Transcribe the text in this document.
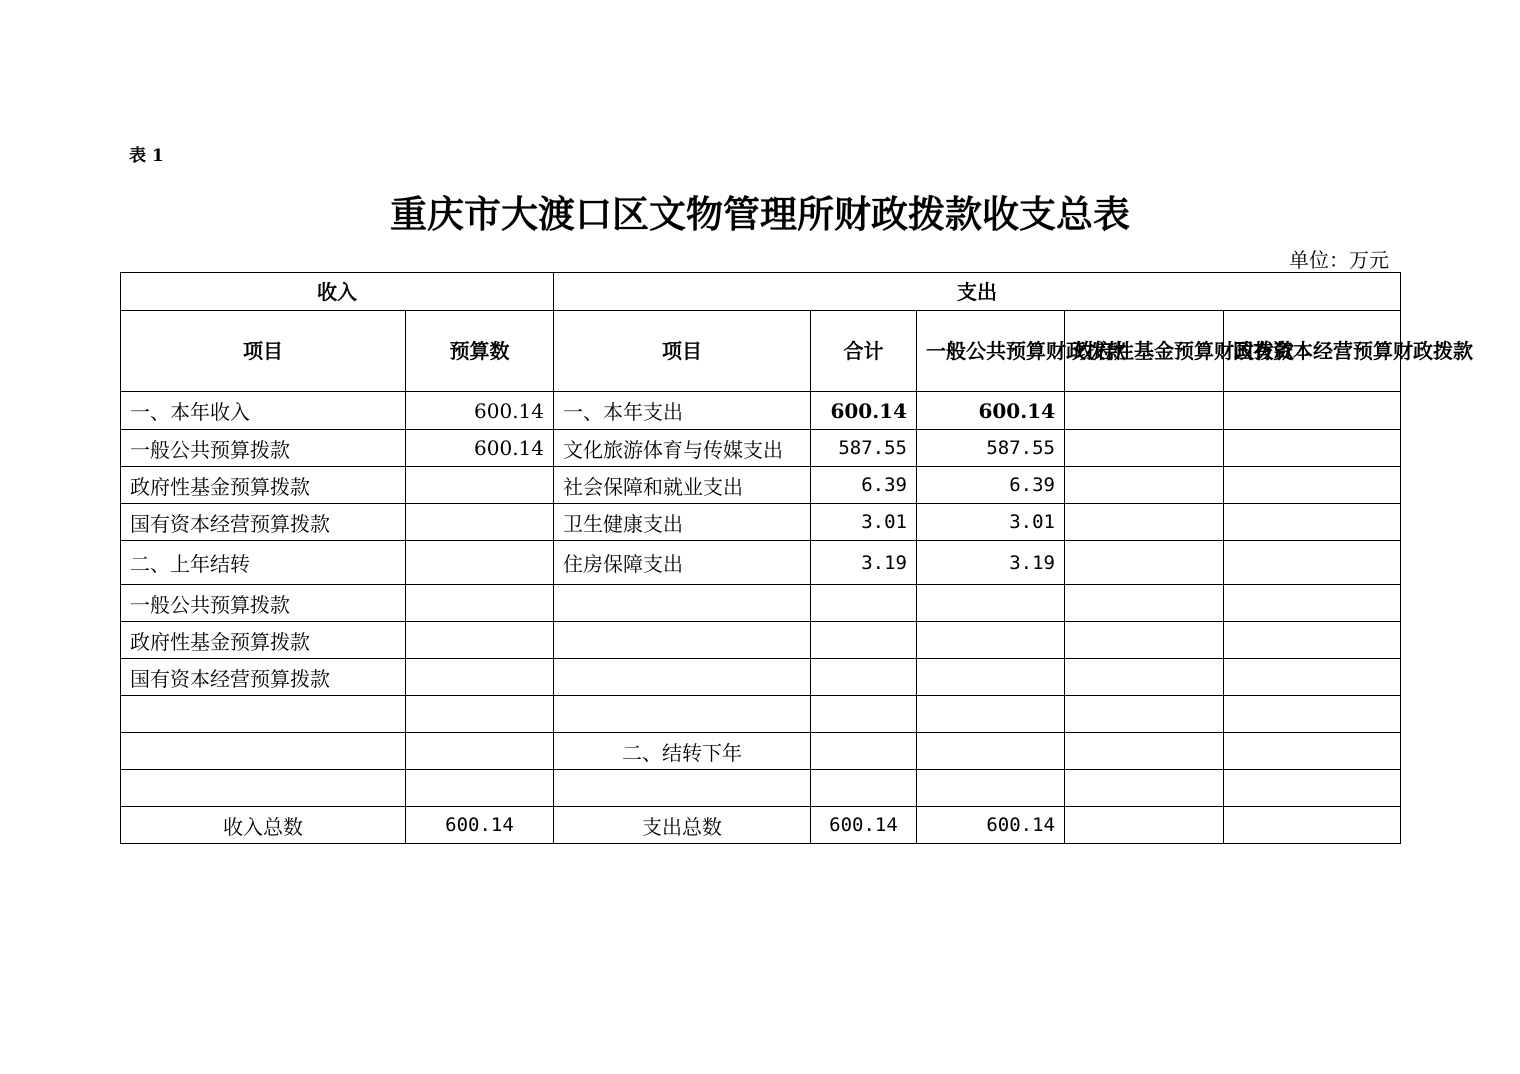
表 1
重庆市大渡口区文物管理所财政拨款收支总表
单位：万元
收入		支出				
项目	预算数	项目	合计	一般公共预算财政拨款	政府性基金预算财政拨款	国有资本经营预算财政拨款
一、本年收入	600.14	一、本年支出	600.14	600.14		
一般公共预算拨款	600.14	文化旅游体育与传媒支出	587.55	587.55		
政府性基金预算拨款		社会保障和就业支出	6.39	6.39		
国有资本经营预算拨款		卫生健康支出	3.01	3.01		
二、上年结转		住房保障支出	3.19	3.19		
一般公共预算拨款						
政府性基金预算拨款						
国有资本经营预算拨款						

		二、结转下年				

收入总数	600.14	支出总数	600.14	600.14		
